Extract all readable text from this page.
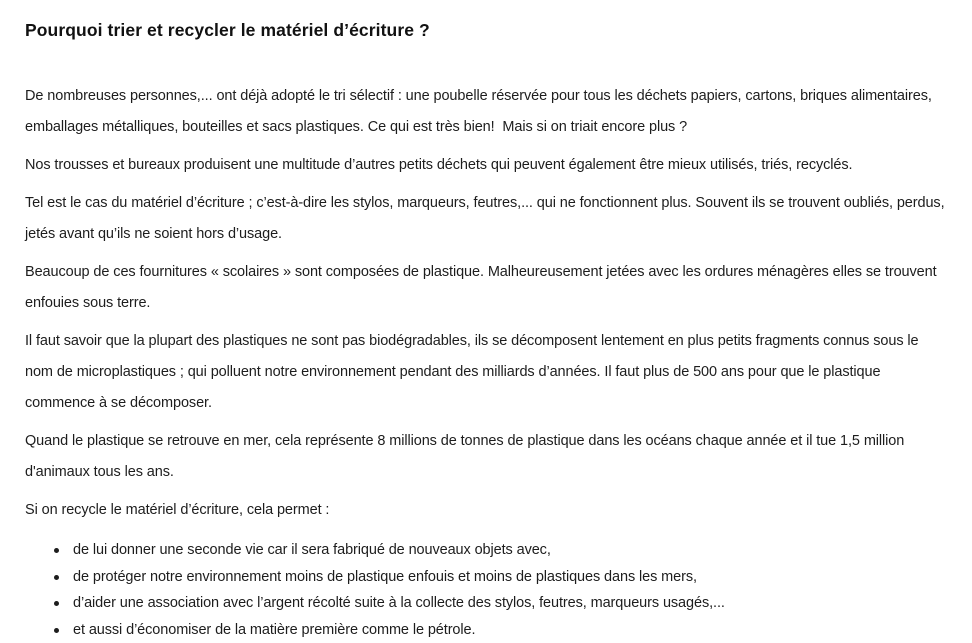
Pourquoi trier et recycler le matériel d’écriture ?

De nombreuses personnes,... ont déjà adopté le tri sélectif : une poubelle réservée pour tous les déchets papiers, cartons, briques alimentaires, emballages métalliques, bouteilles et sacs plastiques. Ce qui est très bien!  Mais si on triait encore plus ?

Nos trousses et bureaux produisent une multitude d’autres petits déchets qui peuvent également être mieux utilisés, triés, recyclés.

Tel est le cas du matériel d’écriture ; c’est-à-dire les stylos, marqueurs, feutres,... qui ne fonctionnent plus. Souvent ils se trouvent oubliés, perdus, jetés avant qu’ils ne soient hors d’usage.

Beaucoup de ces fournitures « scolaires » sont composées de plastique. Malheureusement jetées avec les ordures ménagères elles se trouvent enfouies sous terre.

Il faut savoir que la plupart des plastiques ne sont pas biodégradables, ils se décomposent lentement en plus petits fragments connus sous le nom de microplastiques ; qui polluent notre environnement pendant des milliards d’années. Il faut plus de 500 ans pour que le plastique commence à se décomposer.

Quand le plastique se retrouve en mer, cela représente 8 millions de tonnes de plastique dans les océans chaque année et il tue 1,5 million d'animaux tous les ans.

Si on recycle le matériel d’écriture, cela permet :

de lui donner une seconde vie car il sera fabriqué de nouveaux objets avec,
de protéger notre environnement moins de plastique enfouis et moins de plastiques dans les mers,
d’aider une association avec l’argent récolté suite à la collecte des stylos, feutres, marqueurs usagés,...
et aussi d’économiser de la matière première comme le pétrole.
